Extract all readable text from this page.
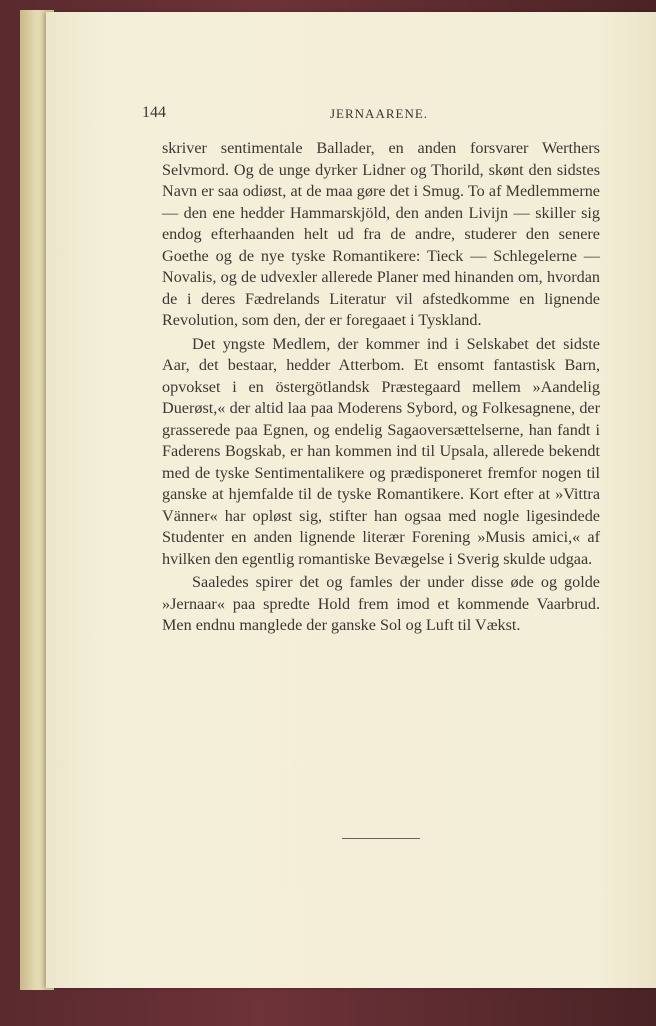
144	JERNAARENE.

skriver sentimentale Ballader, en anden forsvarer Werthers Selvmord. Og de unge dyrker Lidner og Thorild, skønt den sidstes Navn er saa odiøst, at de maa gøre det i Smug. To af Medlemmerne — den ene hedder Hammarskjöld, den anden Livijn — skiller sig endog efterhaanden helt ud fra de andre, studerer den senere Goethe og de nye tyske Romantikere: Tieck — Schlegelerne — Novalis, og de udvexler allerede Planer med hinanden om, hvordan de i deres Fædrelands Literatur vil afstedkomme en lignende Revolution, som den, der er foregaaet i Tyskland.

Det yngste Medlem, der kommer ind i Selskabet det sidste Aar, det bestaar, hedder Atterbom. Et ensomt fantastisk Barn, opvokset i en östergötlandsk Præstegaard mellem »Aandelig Duerøst,« der altid laa paa Moderens Sybord, og Folkesagnene, der grasserede paa Egnen, og endelig Sagaoversættelserne, han fandt i Faderens Bogskab, er han kommen ind til Upsala, allerede bekendt med de tyske Sentimentalikere og prædisponeret fremfor nogen til ganske at hjemfalde til de tyske Romantikere. Kort efter at »Vittra Vänner« har opløst sig, stifter han ogsaa med nogle ligesindede Studenter en anden lignende literær Forening »Musis amici,« af hvilken den egentlig romantiske Bevægelse i Sverig skulde udgaa.

Saaledes spirer det og famles der under disse øde og golde »Jernaar« paa spredte Hold frem imod et kommende Vaarbrud. Men endnu manglede der ganske Sol og Luft til Vækst.
